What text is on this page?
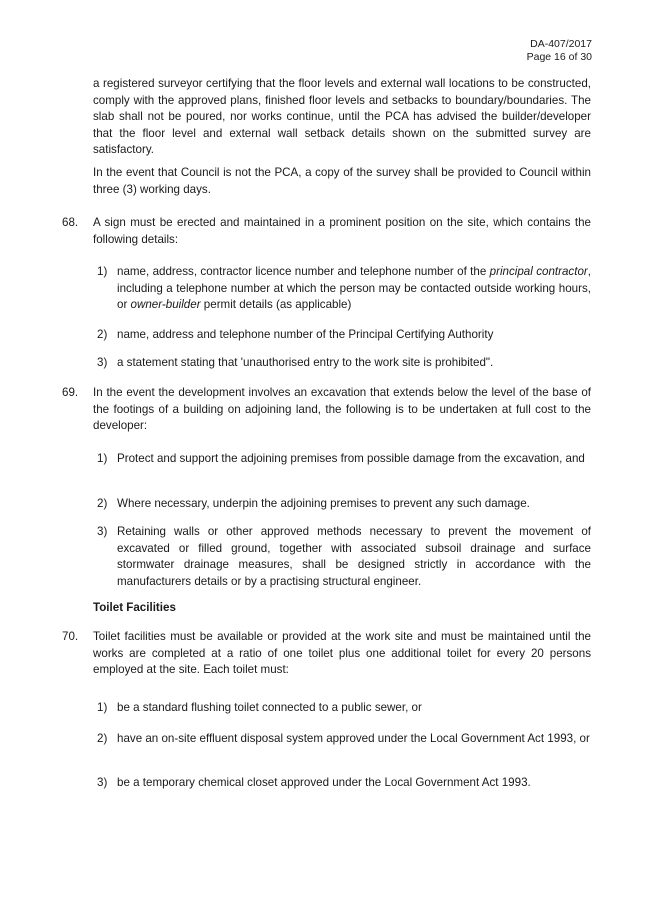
DA-407/2017
Page 16 of 30
a registered surveyor certifying that the floor levels and external wall locations to be constructed, comply with the approved plans, finished floor levels and setbacks to boundary/boundaries. The slab shall not be poured, nor works continue, until the PCA has advised the builder/developer that the floor level and external wall setback details shown on the submitted survey are satisfactory.
In the event that Council is not the PCA, a copy of the survey shall be provided to Council within three (3) working days.
68. A sign must be erected and maintained in a prominent position on the site, which contains the following details:
1) name, address, contractor licence number and telephone number of the principal contractor, including a telephone number at which the person may be contacted outside working hours, or owner-builder permit details (as applicable)
2) name, address and telephone number of the Principal Certifying Authority
3) a statement stating that 'unauthorised entry to the work site is prohibited".
69. In the event the development involves an excavation that extends below the level of the base of the footings of a building on adjoining land, the following is to be undertaken at full cost to the developer:
1) Protect and support the adjoining premises from possible damage from the excavation, and
2) Where necessary, underpin the adjoining premises to prevent any such damage.
3) Retaining walls or other approved methods necessary to prevent the movement of excavated or filled ground, together with associated subsoil drainage and surface stormwater drainage measures, shall be designed strictly in accordance with the manufacturers details or by a practising structural engineer.
Toilet Facilities
70. Toilet facilities must be available or provided at the work site and must be maintained until the works are completed at a ratio of one toilet plus one additional toilet for every 20 persons employed at the site. Each toilet must:
1) be a standard flushing toilet connected to a public sewer, or
2) have an on-site effluent disposal system approved under the Local Government Act 1993, or
3) be a temporary chemical closet approved under the Local Government Act 1993.
